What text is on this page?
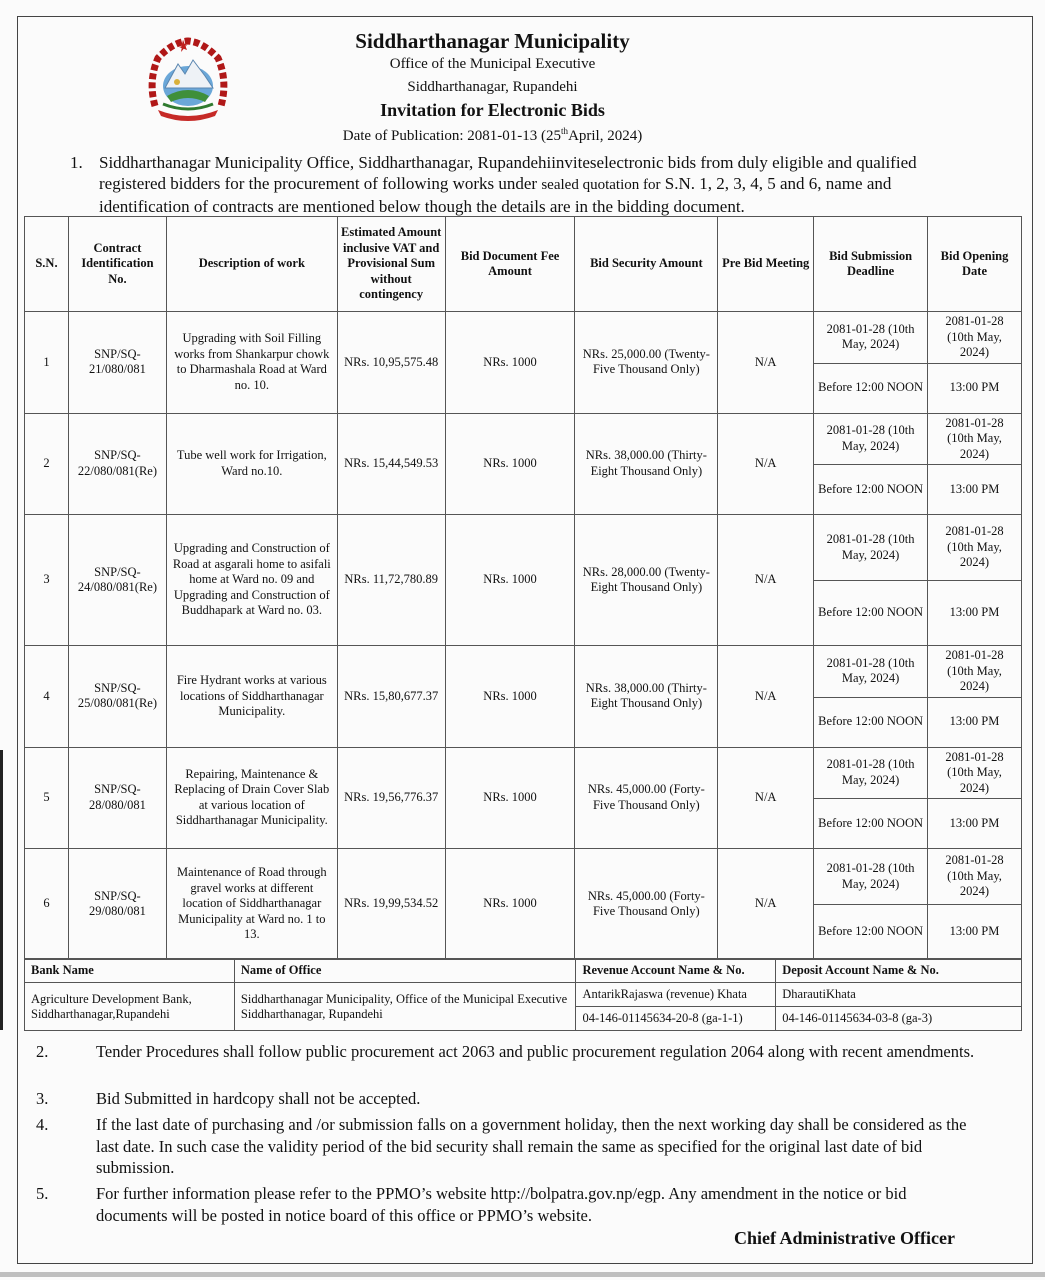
Siddharthanagar Municipality
Office of the Municipal Executive
Siddharthanagar, Rupandehi
Invitation for Electronic Bids
Date of Publication: 2081-01-13 (25thApril, 2024)
1. Siddharthanagar Municipality Office, Siddharthanagar, Rupandehiinviteselectronic bids from duly eligible and qualified registered bidders for the procurement of following works under sealed quotation for S.N. 1, 2, 3, 4, 5 and 6, name and identification of contracts are mentioned below though the details are in the bidding document.
S.N.	Contract Identification No.	Description of work	Estimated Amount inclusive VAT and Provisional Sum without contingency	Bid Document Fee Amount	Bid Security Amount	Pre Bid Meeting	Bid Submission Deadline	Bid Opening Date
1	SNP/SQ-21/080/081	Upgrading with Soil Filling works from Shankarpur chowk to Dharmashala Road at Ward no. 10.	NRs. 10,95,575.48	NRs. 1000	NRs. 25,000.00 (Twenty-Five Thousand Only)	N/A	2081-01-28 (10th May, 2024)	2081-01-28 (10th May, 2024)
							Before 12:00 NOON	13:00 PM
2	SNP/SQ-22/080/081(Re)	Tube well work for Irrigation, Ward no.10.	NRs. 15,44,549.53	NRs. 1000	NRs. 38,000.00 (Thirty-Eight Thousand Only)	N/A	2081-01-28 (10th May, 2024)	2081-01-28 (10th May, 2024)
							Before 12:00 NOON	13:00 PM
3	SNP/SQ-24/080/081(Re)	Upgrading and Construction of Road at asgarali home to asifali home at Ward no. 09 and Upgrading and Construction of Buddhapark at Ward no. 03.	NRs. 11,72,780.89	NRs. 1000	NRs. 28,000.00 (Twenty-Eight Thousand Only)	N/A	2081-01-28 (10th May, 2024)	2081-01-28 (10th May, 2024)
							Before 12:00 NOON	13:00 PM
4	SNP/SQ-25/080/081(Re)	Fire Hydrant works at various locations of Siddharthanagar Municipality.	NRs. 15,80,677.37	NRs. 1000	NRs. 38,000.00 (Thirty-Eight Thousand Only)	N/A	2081-01-28 (10th May, 2024)	2081-01-28 (10th May, 2024)
							Before 12:00 NOON	13:00 PM
5	SNP/SQ-28/080/081	Repairing, Maintenance & Replacing of Drain Cover Slab at various location of Siddharthanagar Municipality.	NRs. 19,56,776.37	NRs. 1000	NRs. 45,000.00 (Forty-Five Thousand Only)	N/A	2081-01-28 (10th May, 2024)	2081-01-28 (10th May, 2024)
							Before 12:00 NOON	13:00 PM
6	SNP/SQ-29/080/081	Maintenance of Road through gravel works at different location of Siddharthanagar Municipality at Ward no. 1 to 13.	NRs. 19,99,534.52	NRs. 1000	NRs. 45,000.00 (Forty-Five Thousand Only)	N/A	2081-01-28 (10th May, 2024)	2081-01-28 (10th May, 2024)
							Before 12:00 NOON	13:00 PM
Bank Name	Name of Office	Revenue Account Name & No.	Deposit Account Name & No.
Agriculture Development Bank, Siddharthanagar,Rupandehi	Siddharthanagar Municipality, Office of the Municipal Executive Siddharthanagar, Rupandehi	AntarikRajaswa (revenue) Khata	DharautiKhata
		04-146-01145634-20-8 (ga-1-1)	04-146-01145634-03-8 (ga-3)
2.	Tender Procedures shall follow public procurement act 2063 and public procurement regulation 2064 along with recent amendments.
3.	Bid Submitted in hardcopy shall not be accepted.
4.	If the last date of purchasing and /or submission falls on a government holiday, then the next working day shall be considered as the last date. In such case the validity period of the bid security shall remain the same as specified for the original last date of bid submission.
5.	For further information please refer to the PPMO’s website http://bolpatra.gov.np/egp. Any amendment in the notice or bid documents will be posted in notice board of this office or PPMO’s website.
Chief Administrative Officer
